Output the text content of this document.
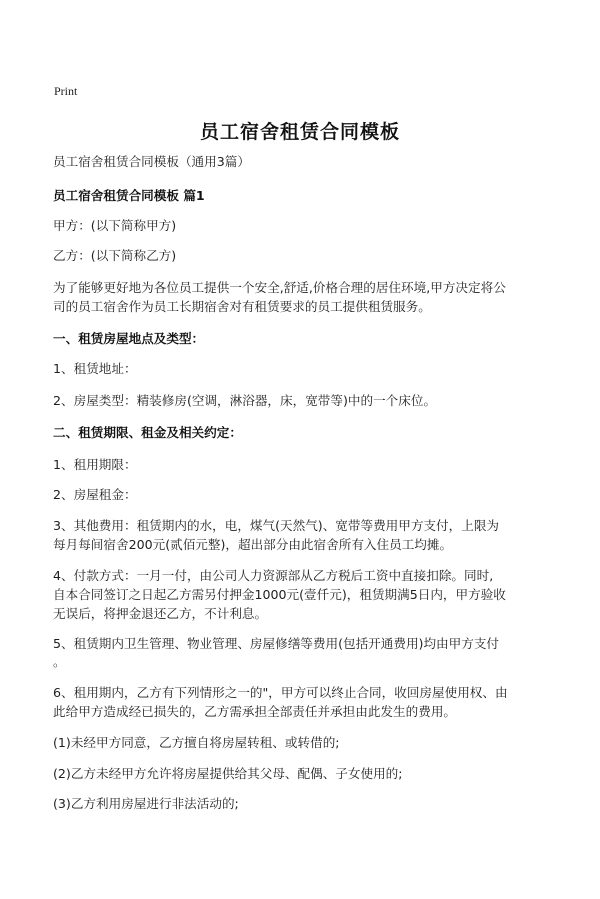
Print
员工宿舍租赁合同模板
员工宿舍租赁合同模板（通用3篇）
员工宿舍租赁合同模板 篇1
甲方：(以下简称甲方)
乙方：(以下简称乙方)
为了能够更好地为各位员工提供一个安全,舒适,价格合理的居住环境,甲方决定将公
司的员工宿舍作为员工长期宿舍对有租赁要求的员工提供租赁服务。
一、租赁房屋地点及类型：
1、租赁地址：
2、房屋类型：精装修房(空调，淋浴器，床，宽带等)中的一个床位。
二、租赁期限、租金及相关约定：
1、租用期限：
2、房屋租金：
3、其他费用：租赁期内的水，电，煤气(天然气)、宽带等费用甲方支付，上限为
每月每间宿舍200元(贰佰元整)，超出部分由此宿舍所有入住员工均摊。
4、付款方式：一月一付，由公司人力资源部从乙方税后工资中直接扣除。同时,
自本合同签订之日起乙方需另付押金1000元(壹仟元)，租赁期满5日内，甲方验收
无误后，将押金退还乙方，不计利息。
5、租赁期内卫生管理、物业管理、房屋修缮等费用(包括开通费用)均由甲方支付
。
6、租用期内，乙方有下列情形之一的"，甲方可以终止合同，收回房屋使用权、由
此给甲方造成经已损失的，乙方需承担全部责任并承担由此发生的费用。
(1)未经甲方同意，乙方擅自将房屋转租、或转借的;
(2)乙方未经甲方允许将房屋提供给其父母、配偶、子女使用的;
(3)乙方利用房屋进行非法活动的;
